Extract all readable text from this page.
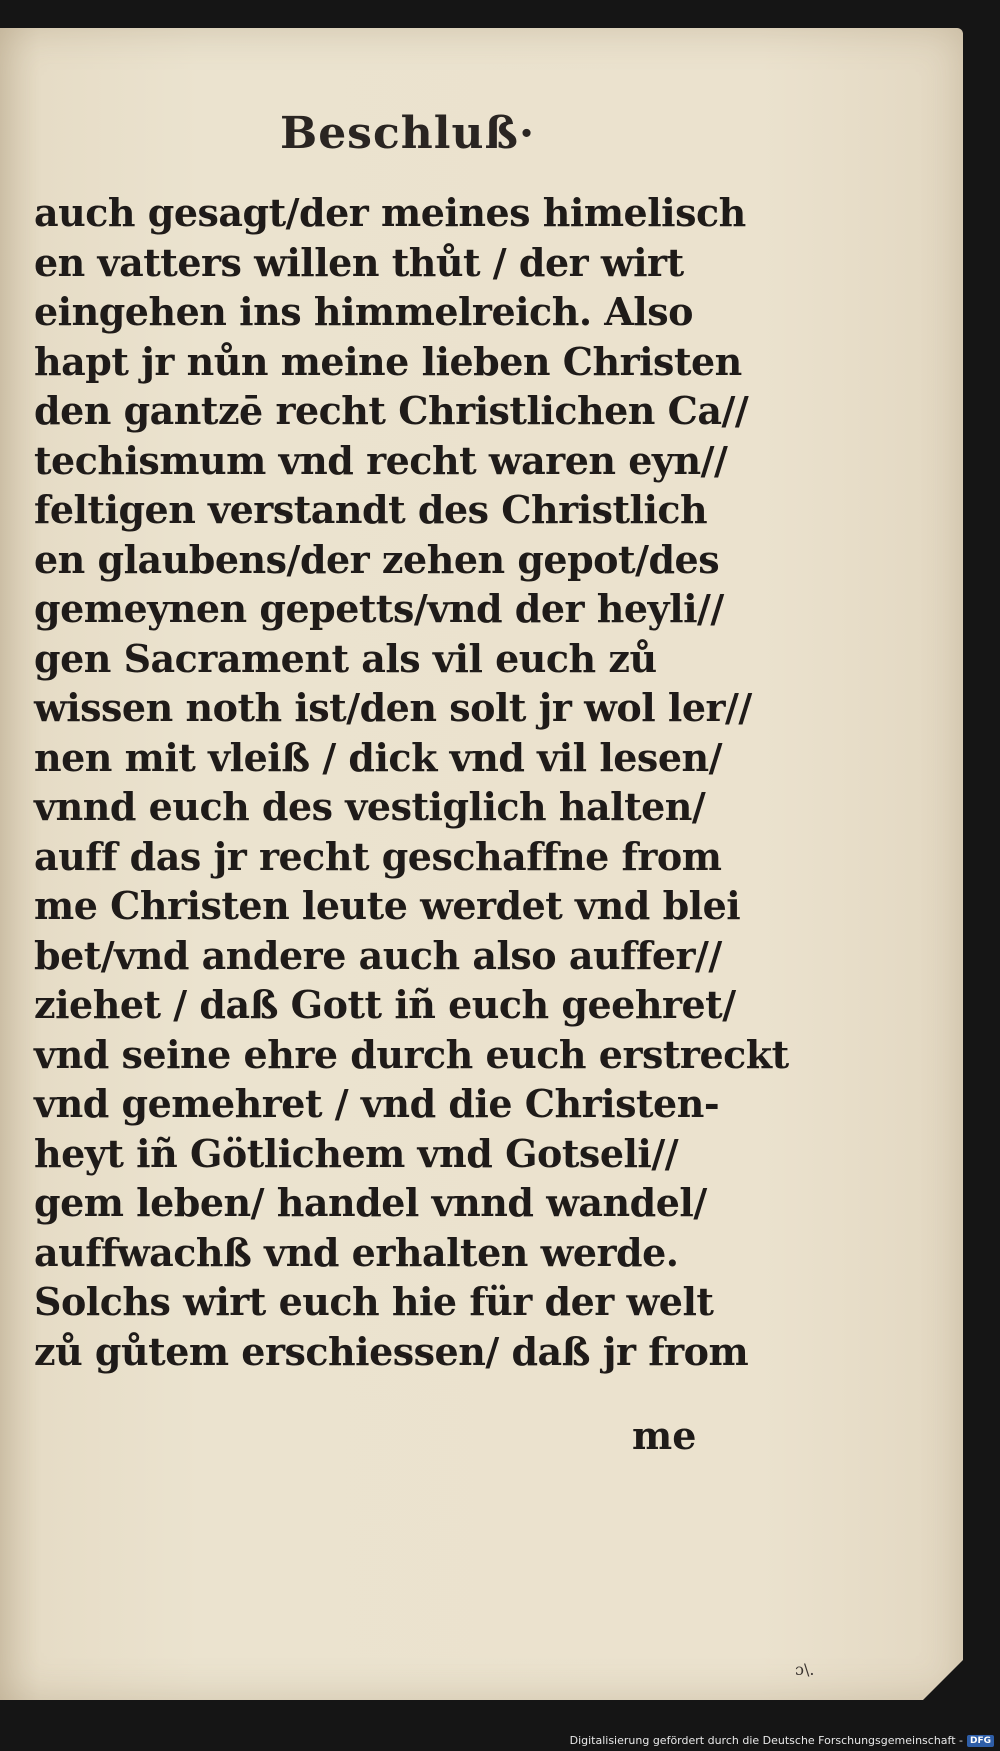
Beschluß·
auch gesagt/der meines himelisch
en vatters willen thůt / der wirt
eingehen ins himmelreich. Also
hapt jr nůn meine lieben Christen
den gantzē recht Christlichen Ca//
techismum vnd recht waren eyn//
feltigen verstandt des Christlich
en glaubens/der zehen gepot/des
gemeynen gepetts/vnd der heyli//
gen Sacrament als vil euch zů
wissen noth ist/den solt jr wol ler//
nen mit vleiß / dick vnd vil lesen/
vnnd euch des vestiglich halten/
auff das jr recht geschaffne from
me Christen leute werdet vnd blei
bet/vnd andere auch also auffer//
ziehet / daß Gott iñ euch geehret/
vnd seine ehre durch euch erstreckt
vnd gemehret / vnd die Christen-
heyt iñ Götlichem vnd Gotseli//
gem leben/ handel vnnd wandel/
auffwachß vnd erhalten werde.
Solchs wirt euch hie für der welt
zů gůtem erschiessen/ daß jr from
me
ɔ\.
Digitalisierung gefördert durch die Deutsche Forschungsgemeinschaft - DFG
